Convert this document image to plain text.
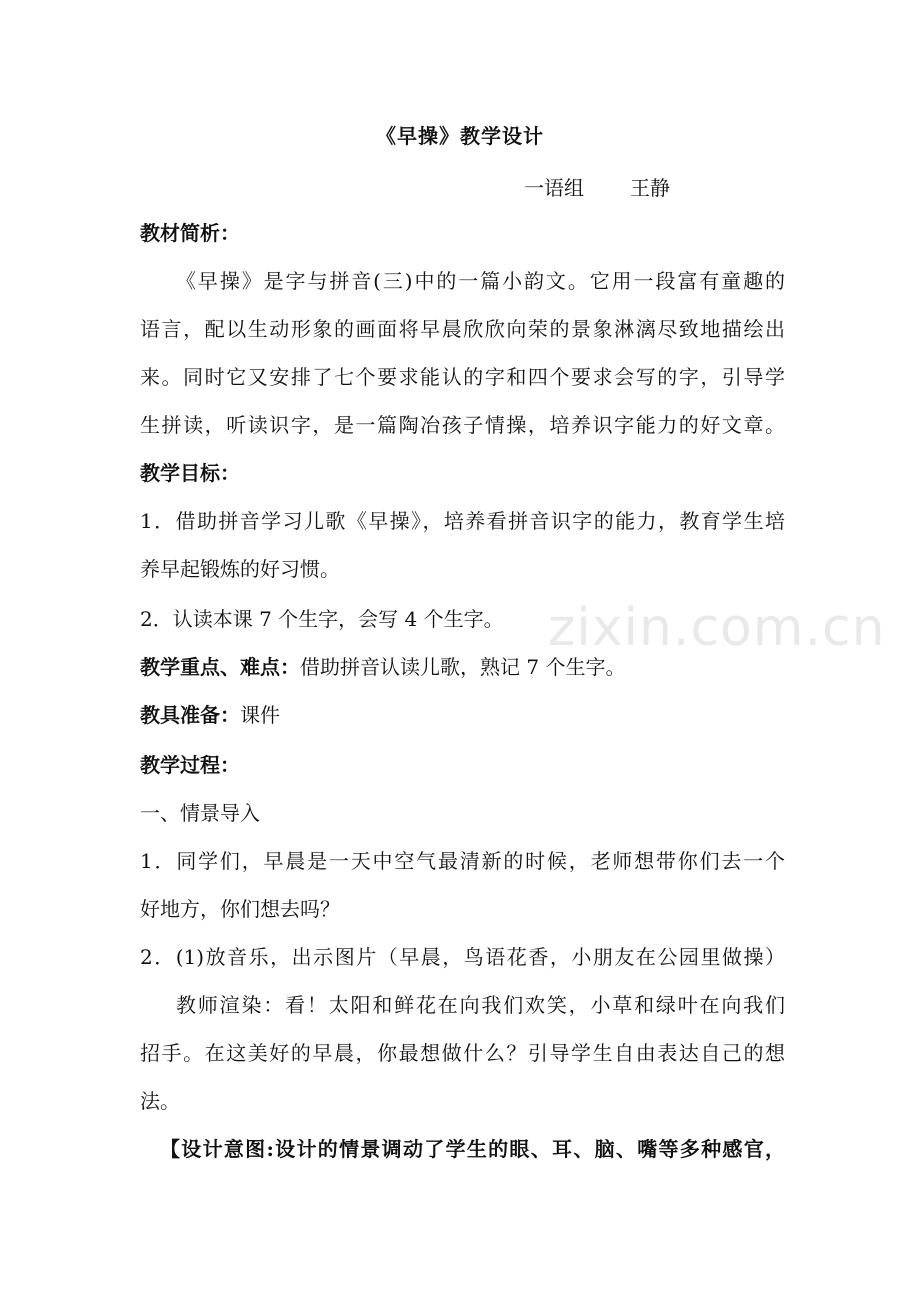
《早操》教学设计
一语组 王静
教材简析：
《早操》是字与拼音(三)中的一篇小韵文。它用一段富有童趣的
语言，配以生动形象的画面将早晨欣欣向荣的景象淋漓尽致地描绘出
来。同时它又安排了七个要求能认的字和四个要求会写的字，引导学
生拼读，听读识字，是一篇陶冶孩子情操，培养识字能力的好文章。
教学目标：
1．借助拼音学习儿歌《早操》，培养看拼音识字的能力，教育学生培
养早起锻炼的好习惯。
2．认读本课 7 个生字，会写 4 个生字。
教学重点、难点：借助拼音认读儿歌，熟记 7 个生字。
教具准备：课件
教学过程：
一、情景导入
1．同学们，早晨是一天中空气最清新的时候，老师想带你们去一个
好地方，你们想去吗？
2．(1)放音乐，出示图片（早晨，鸟语花香，小朋友在公园里做操）
教师渲染：看！太阳和鲜花在向我们欢笑，小草和绿叶在向我们
招手。在这美好的早晨，你最想做什么？引导学生自由表达自己的想
法。
【设计意图:设计的情景调动了学生的眼、耳、脑、嘴等多种感官，
zixin.com.cn
